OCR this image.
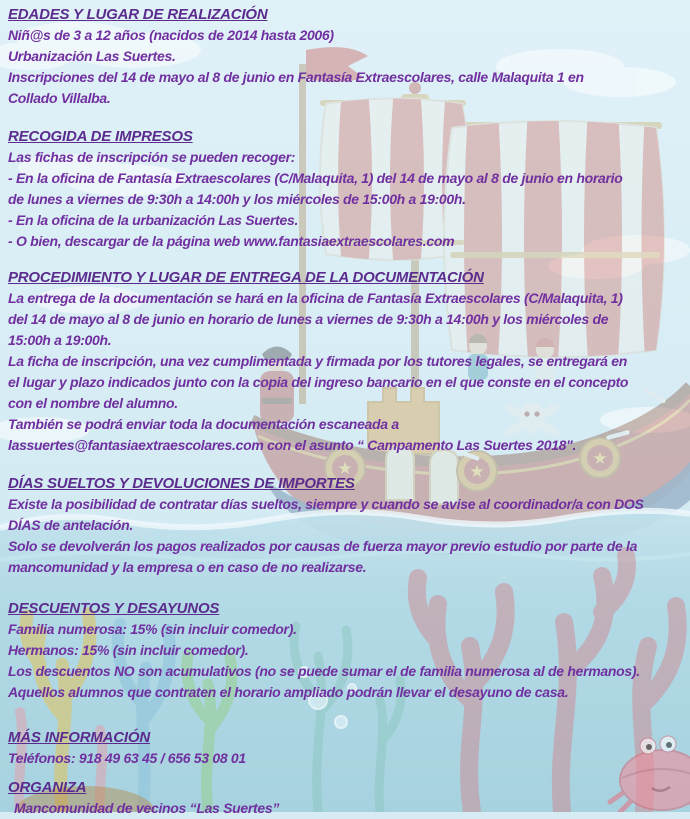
★	★
★
EDADES Y LUGAR DE REALIZACIÓN
Niñ@s de 3 a 12 años (nacidos de 2014 hasta 2006)
Urbanización Las Suertes.
Inscripciones del 14 de mayo al 8 de junio en Fantasía Extraescolares, calle Malaquita 1 en
Collado Villalba.
RECOGIDA DE IMPRESOS
Las fichas de inscripción se pueden recoger:
- En la oficina de Fantasía Extraescolares (C/Malaquita, 1) del 14 de mayo al 8 de junio en horario
de lunes a viernes de 9:30h a 14:00h y los miércoles de 15:00h a 19:00h.
- En la oficina de la urbanización Las Suertes.
- O bien, descargar de la página web www.fantasiaextraescolares.com
PROCEDIMIENTO Y LUGAR DE ENTREGA DE LA DOCUMENTACIÓN
La entrega de la documentación se hará en la oficina de Fantasía Extraescolares (C/Malaquita, 1)
del 14 de mayo al 8 de junio en horario de lunes a viernes de 9:30h a 14:00h y los miércoles de
15:00h a 19:00h.
La ficha de inscripción, una vez cumplimentada y firmada por los tutores legales, se entregará en
el lugar y plazo indicados junto con la copia del ingreso bancario en el que conste en el concepto
con el nombre del alumno.
También se podrá enviar toda la documentación escaneada a
lassuertes@fantasiaextraescolares.com con el asunto “ Campamento Las Suertes 2018".
DÍAS SUELTOS Y DEVOLUCIONES DE IMPORTES
Existe la posibilidad de contratar días sueltos, siempre y cuando se avise al coordinador/a con DOS
DÍAS de antelación.
Solo se devolverán los pagos realizados por causas de fuerza mayor previo estudio por parte de la
mancomunidad y la empresa o en caso de no realizarse.
DESCUENTOS Y DESAYUNOS
Familia numerosa: 15% (sin incluir comedor).
Hermanos: 15% (sin incluir comedor).
Los descuentos NO son acumulativos (no se puede sumar el de familia numerosa al de hermanos).
Aquellos alumnos que contraten el horario ampliado podrán llevar el desayuno de casa.
MÁS INFORMACIÓN
Teléfonos: 918 49 63 45 / 656 53 08 01
ORGANIZA
Mancomunidad de vecinos “Las Suertes”
